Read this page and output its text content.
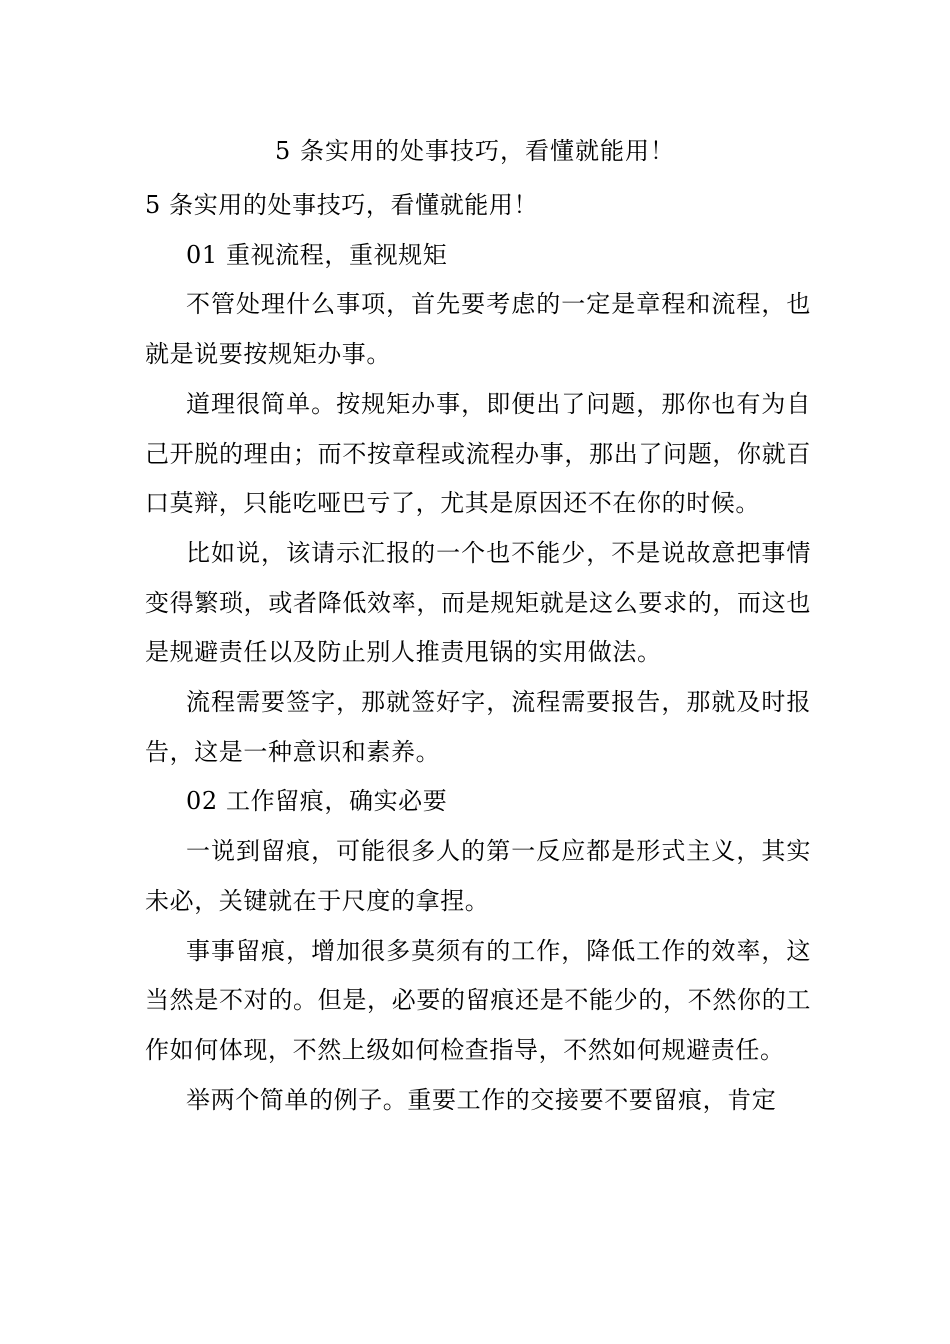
5 条实用的处事技巧，看懂就能用！

5 条实用的处事技巧，看懂就能用！

01 重视流程，重视规矩

不管处理什么事项，首先要考虑的一定是章程和流程，也就是说要按规矩办事。

道理很简单。按规矩办事，即便出了问题，那你也有为自己开脱的理由；而不按章程或流程办事，那出了问题，你就百口莫辩，只能吃哑巴亏了，尤其是原因还不在你的时候。

比如说，该请示汇报的一个也不能少，不是说故意把事情变得繁琐，或者降低效率，而是规矩就是这么要求的，而这也是规避责任以及防止别人推责甩锅的实用做法。

流程需要签字，那就签好字，流程需要报告，那就及时报告，这是一种意识和素养。

02 工作留痕，确实必要

一说到留痕，可能很多人的第一反应都是形式主义，其实未必，关键就在于尺度的拿捏。

事事留痕，增加很多莫须有的工作，降低工作的效率，这当然是不对的。但是，必要的留痕还是不能少的，不然你的工作如何体现，不然上级如何检查指导，不然如何规避责任。

举两个简单的例子。重要工作的交接要不要留痕，肯定
